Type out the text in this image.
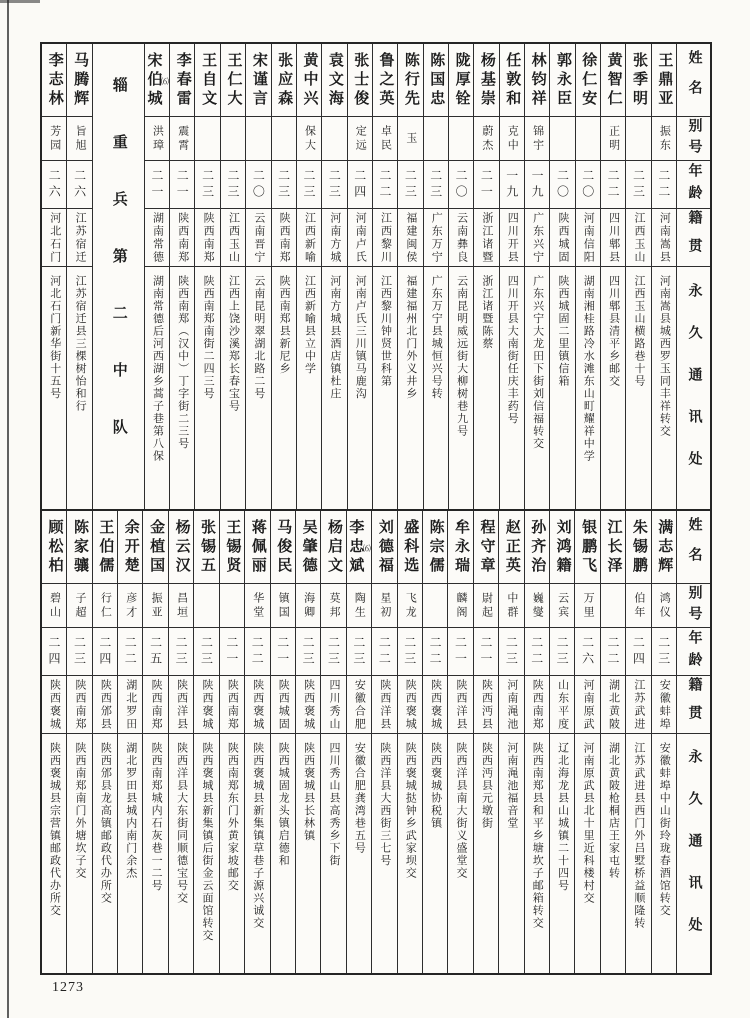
姓名
别号
年龄
籍贯
永久通讯处
王鼎亚
振东
二二
河南嵩县
河南嵩县城西罗玉同丰祥转交
张季明
二三
江西玉山
江西玉山横路巷十号
黄智仁
正明
二二
四川郫县
四川郫县清平乡邮交
徐仁安
二〇
河南信阳
湖南湘桂路冷水滩东山町耀祥中学
郭永臣
二〇
陕西城固
陕西城固二里镇信箱
林钧祥
锦宇
一九
广东兴宁
广东兴宁大龙田下街刘信福转交
任敦和
克中
一九
四川开县
四川开县大南街任庆丰药号
杨基崇
蔚杰
二一
浙江诸暨
浙江诸暨陈蔡
陇厚铨
二〇
云南彝良
云南昆明威远街大柳树巷九号
陈国忠
二三
广东万宁
广东万宁县城恒兴号转
陈行先
玉
二三
福建闽侯
福建福州北门外义井乡
鲁之英
卓民
二二
江西黎川
江西黎川钟贤世科第
张士俊
定远
二四
河南卢氏
河南卢氏三川镇马鹿沟
袁文海
二三
河南方城
河南方城县酒店镇杜庄
黄中兴
保大
二三
江西新喻
江西新喻县立中学
张应森
二三
陕西南郑
陕西南郑县新尼乡
宋谨言
二〇
云南晋宁
云南昆明翠湖北路二号
王仁大
二三
江西玉山
江西上饶沙溪郑长春宝号
王自文
二三
陕西南郑
陕西南郑南街二四三号
李春雷
震霄
二一
陕西南郑
陕西南郑（汉中）丁字街二三号
宋伯城 ⑹
洪璋
二一
湖南常德
湖南常德后河西湖乡蒿子巷第八保
辎重兵第二中队
马腾辉
旨旭
二六
江苏宿迁
江苏宿迁县三棵树怡和行
李志林
芳园
二六
河北石门
河北石门新华街十五号
姓名
别号
年龄
籍贯
永久通讯处
满志辉
鸿仪
二三
安徽蚌埠
安徽蚌埠中山街玲珑春酒馆转交
朱锡鹏
伯年
二四
江苏武进
江苏武进县西门外吕墅桥益顺隆转
江长泽
二二
湖北黄陂
湖北黄陂枪桐店王家屯转
银鹏飞
万里
二六
河南原武
河南原武县北十里近科楼村交
刘鸿籍
云宾
二三
山东平度
辽北海龙县山城镇二十四号
孙齐治
巍燮
二二
陕西南郑
陕西南郑县和平乡塘坎子邮箱转交
赵正英
中群
二三
河南渑池
河南渑池福音堂
程守章
尉起
二一
陕西沔县
陕西沔县元墩街
牟永瑞
麟阁
二一
陕西洋县
陕西洋县南大街义盛堂交
陈宗儒
二二
陕西褒城
陕西褒城协税镇
盛科选
飞龙
二三
陕西褒城
陕西褒城挞钟乡武家坝交
刘德福
星初
二二
陕西洋县
陕西洋县大西街三七号
李忠斌 ⑹
陶生
二三
安徽合肥
安徽合肥龚湾巷五号
杨启文
莫邦
二三
四川秀山
四川秀山县高秀乡下街
吴肇德
海卿
二三
陕西褒城
陕西褒城县长林镇
马俊民
镇国
二一
陕西城固
陕西城固龙头镇启德和
蒋佩丽
华堂
二二
陕西褒城
陕西褒城县新集镇草巷子源兴诚交
王锡贤
二一
陕西南郑
陕西南郑东门外黄家坡邮交
张锡五
二三
陕西褒城
陕西褒城县新集镇后街金云面馆转交
杨云汉
昌垣
二三
陕西洋县
陕西洋县大东街同顺德宝号交
金植国
振亚
二五
陕西南郑
陕西南郑城内石灰巷一二号
余开楚
彦才
二二
湖北罗田
湖北罗田县城内南门余杰
王伯儒
行仁
二四
陕西邠县
陕西邠县龙高镇邮政代办所交
陈家骧
子超
二三
陕西南郑
陕西南郑南门外塘坎子交
顾松柏
碧山
二四
陕西褒城
陕西褒城县宗营镇邮政代办所交
1273
